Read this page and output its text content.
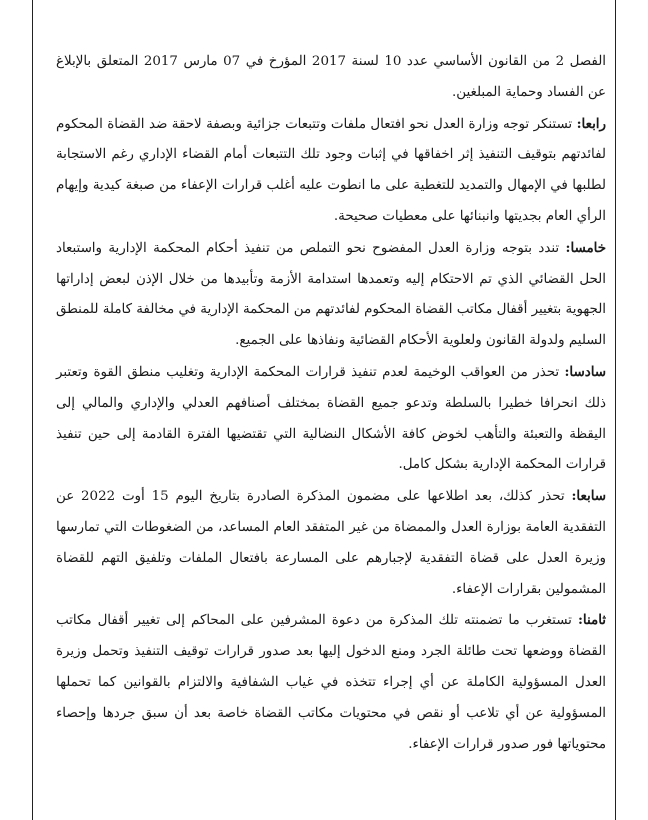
الفصل 2 من القانون الأساسي عدد 10 لسنة 2017 المؤرخ في 07 مارس 2017 المتعلق بالإبلاغ عن الفساد وحماية المبلغين.

رابعا: تستنكر توجه وزارة العدل نحو افتعال ملفات وتتبعات جزائية وبصفة لاحقة ضد القضاة المحكوم لفائدتهم بتوقيف التنفيذ إثر اخفاقها في إثبات وجود تلك التتبعات أمام القضاء الإداري رغم الاستجابة لطلبها في الإمهال والتمديد للتغطية على ما انطوت عليه أغلب قرارات الإعفاء من صبغة كيدية وإيهام الرأي العام بجديتها وانبنائها على معطيات صحيحة.

خامسا: تندد بتوجه وزارة العدل المفضوح نحو التملص من تنفيذ أحكام المحكمة الإدارية واستبعاد الحل القضائي الذي تم الاحتكام إليه وتعمدها استدامة الأزمة وتأبيدها من خلال الإذن لبعض إداراتها الجهوية بتغيير أقفال مكاتب القضاة المحكوم لفائدتهم من المحكمة الإدارية في مخالفة كاملة للمنطق السليم ولدولة القانون ولعلوية الأحكام القضائية ونفاذها على الجميع.

سادسا: تحذر من العواقب الوخيمة لعدم تنفيذ قرارات المحكمة الإدارية وتغليب منطق القوة وتعتبر ذلك انحرافا خطيرا بالسلطة وتدعو جميع القضاة بمختلف أصنافهم العدلي والإداري والمالي إلى اليقظة والتعبئة والتأهب لخوض كافة الأشكال النضالية التي تقتضيها الفترة القادمة إلى حين تنفيذ قرارات المحكمة الإدارية بشكل كامل.

سابعا: تحذر كذلك، بعد اطلاعها على مضمون المذكرة الصادرة بتاريخ اليوم 15 أوت 2022 عن التفقدية العامة بوزارة العدل والممضاة من غير المتفقد العام المساعد، من الضغوطات التي تمارسها وزيرة العدل على قضاة التفقدية لإجبارهم على المسارعة بافتعال الملفات وتلفيق التهم للقضاة المشمولين بقرارات الإعفاء.

ثامنا: تستغرب ما تضمنته تلك المذكرة من دعوة المشرفين على المحاكم إلى تغيير أقفال مكاتب القضاة ووضعها تحت طائلة الجرد ومنع الدخول إليها بعد صدور قرارات توقيف التنفيذ وتحمل وزيرة العدل المسؤولية الكاملة عن أي إجراء تتخذه في غياب الشفافية والالتزام بالقوانين كما تحملها المسؤولية عن أي تلاعب أو نقص في محتويات مكاتب القضاة خاصة بعد أن سبق جردها وإحصاء محتوياتها فور صدور قرارات الإعفاء.
